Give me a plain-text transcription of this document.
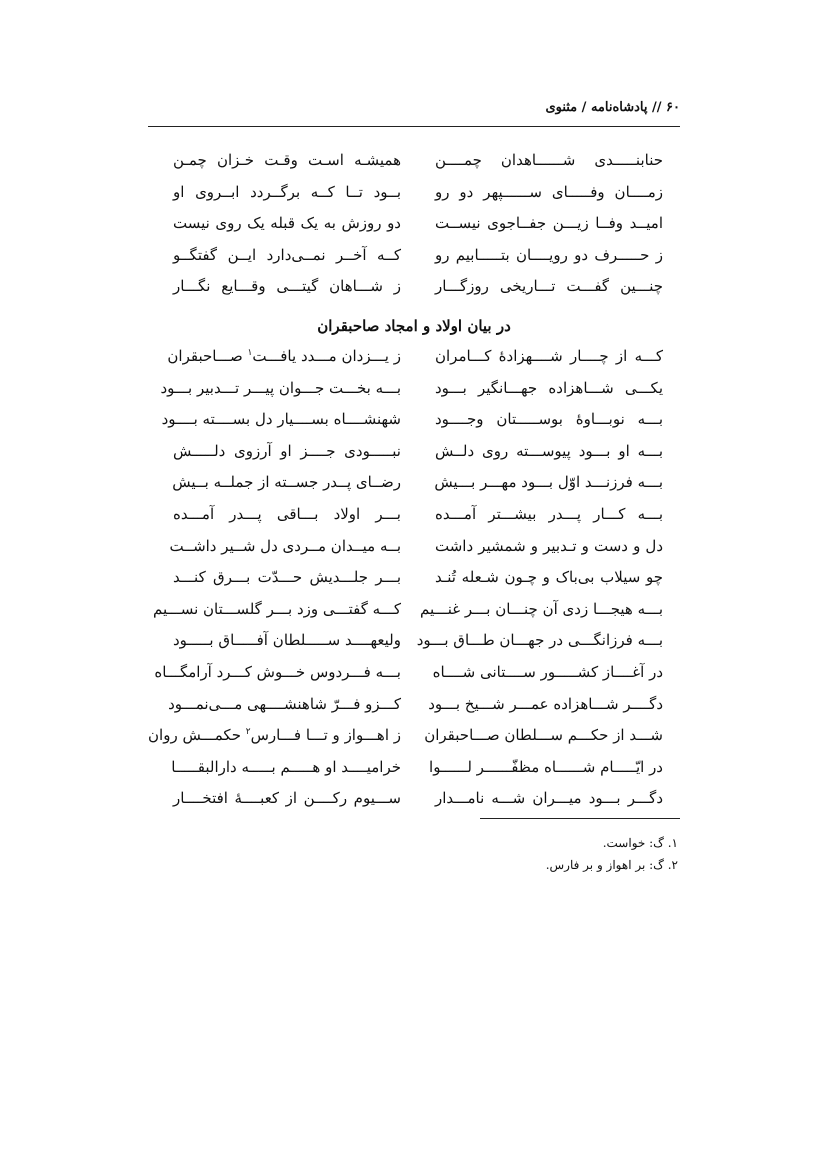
۶۰ // پادشاه‌نامه / مثنوی
حنابنـــــدی شــــــاهدان چمــــن
همیشـه اسـت وقـت خـزان چمـن
زمــــان وفـــــای ســــــپهر دو رو
بــود تــا کــه برگــردد ابــروی او
امیــد وفــا زیـــن جفــاجوی نیســت
دو روزش به یک قبله یک روی نیست
ز حـــــرف دو رویــــان بتـــــابیم رو
کــه آخــر نمــی‌دارد ایــن گفتگــو
چنـــین گفـــت تـــاریخی روزگـــار
ز شـــاهان گیتـــی وقـــایع نگـــار
در بیان اولاد و امجاد صاحبقران
کـــه از چــــار شــــهزادهٔ کـــامران
ز یـــزدان مـــدد یافـــت$^۱$ صـــاحبقران
یکـــی شـــاهزاده جهـــانگیر بـــود
بـــه بخـــت جـــوان پیـــر تـــدبیر بـــود
بـــه نوبـــاوهٔ بوســـــتان وجــــود
شهنشــــاه بســــیار دل بســــته بــــود
بـــه او بـــود پیوســـته روی دلــش
نبـــــودی جــــز او آرزوی دلـــــش
بـــه فرزنـــد اوّل بـــود مهـــر بـــیش
رضــای پــدر جســته از جملــه بــیش
بـــه کـــار پـــدر بیشـــتر آمـــده
بـــر اولاد بـــاقی پـــدر آمـــده
دل و دست و تـدبیر و شمشیر داشت
بــه میــدان مــردی دل شــیر داشــت
چو سیلاب بی‌باک و چـون شـعله تُنـد
بـــر جلـــدیش حـــدّت بـــرق کنـــد
بـــه هیجـــا زدی آن چنـــان بـــر غنـــیم
کـــه گفتـــی وزد بـــر گلســـتان نســـیم
بـــه فرزانگـــی در جهـــان طـــاق بـــود
ولیعهــــد ســـــلطان آفـــــاق بـــــود
در آغــــاز کشـــــور ســــتانی شــــاه
بـــه فـــردوس خـــوش کـــرد آرامگـــاه
دگــــر شـــاهزاده عمـــر شـــیخ بـــود
کـــزو فـــرّ شاهنشــــهی مـــی‌نمـــود
شـــد از حکـــم ســـلطان صـــاحبقران
ز اهـــواز و تـــا فـــارس$^۲$ حکمـــش روان
در ایّـــــام شــــــاه مظفّــــــر لــــــوا
خرامیــــد او هـــــم بـــــه دارالبقـــــا
دگـــر بـــود میـــران شـــه نامـــدار
ســـیوم رکــــن از کعبــــهٔ افتخــــار
۱. گ: خواست.
۲. گ: بر اهواز و بر فارس.
